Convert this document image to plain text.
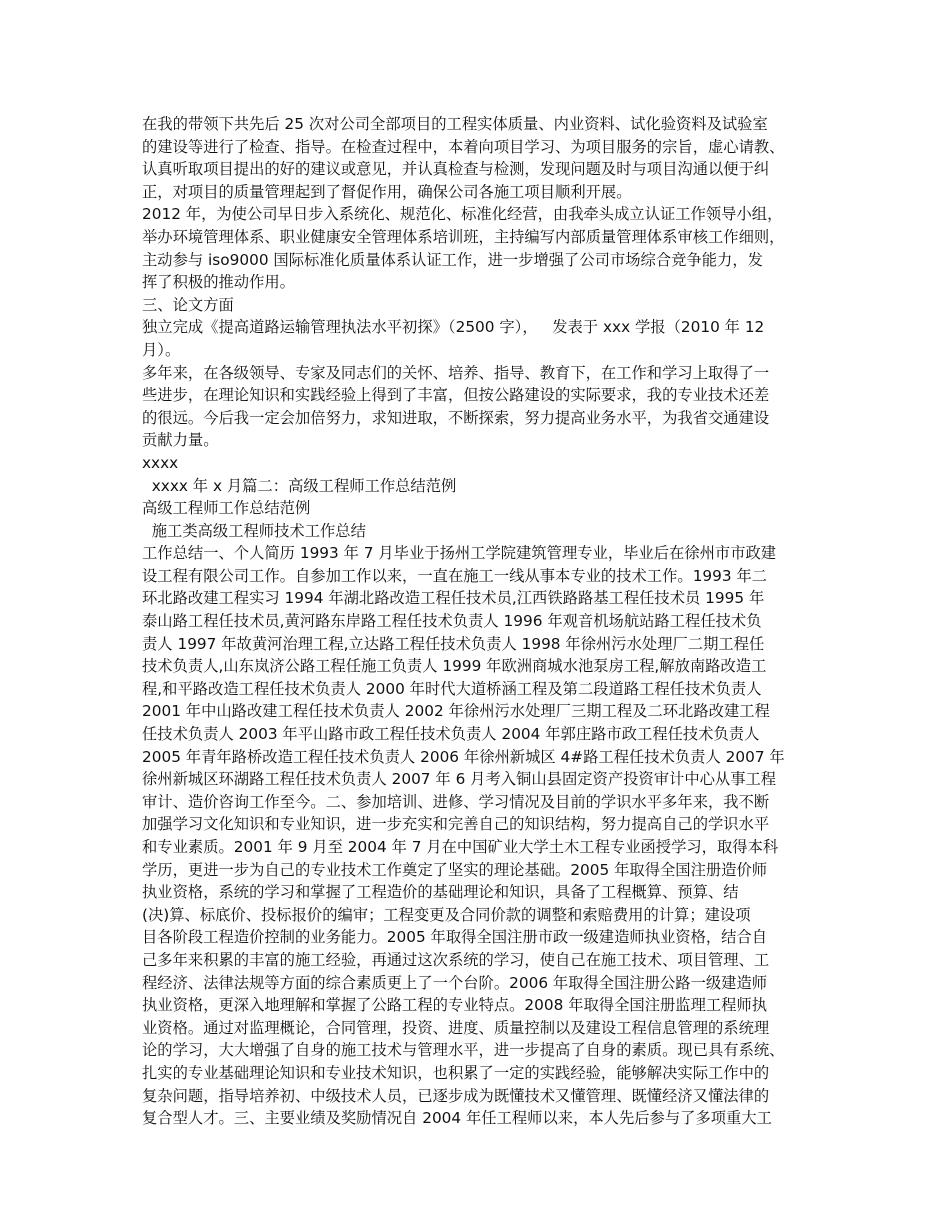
在我的带领下共先后 25 次对公司全部项目的工程实体质量、内业资料、试化验资料及试验室
的建设等进行了检查、指导。在检查过程中，本着向项目学习、为项目服务的宗旨，虚心请教、
认真听取项目提出的好的建议或意见，并认真检查与检测，发现问题及时与项目沟通以便于纠
正，对项目的质量管理起到了督促作用，确保公司各施工项目顺利开展。
2012 年，为使公司早日步入系统化、规范化、标准化经营，由我牵头成立认证工作领导小组，
举办环境管理体系、职业健康安全管理体系培训班，主持编写内部质量管理体系审核工作细则，
主动参与 iso9000 国际标准化质量体系认证工作，进一步增强了公司市场综合竞争能力，发
挥了积极的推动作用。
三、论文方面
独立完成《提高道路运输管理执法水平初探》（2500 字），   发表于 xxx 学报（2010 年 12
月）。
多年来，在各级领导、专家及同志们的关怀、培养、指导、教育下，在工作和学习上取得了一
些进步，在理论知识和实践经验上得到了丰富，但按公路建设的实际要求，我的专业技术还差
的很远。今后我一定会加倍努力，求知进取，不断探索，努力提高业务水平，为我省交通建设
贡献力量。
xxxx
xxxx 年 x 月篇二：高级工程师工作总结范例
高级工程师工作总结范例
施工类高级工程师技术工作总结
工作总结一、个人简历 1993 年 7 月毕业于扬州工学院建筑管理专业，毕业后在徐州市市政建
设工程有限公司工作。自参加工作以来，一直在施工一线从事本专业的技术工作。1993 年二
环北路改建工程实习 1994 年湖北路改造工程任技术员,江西铁路路基工程任技术员 1995 年
泰山路工程任技术员,黄河路东岸路工程任技术负责人 1996 年观音机场航站路工程任技术负
责人 1997 年故黄河治理工程,立达路工程任技术负责人 1998 年徐州污水处理厂二期工程任
技术负责人,山东岚济公路工程任施工负责人 1999 年欧洲商城水池泵房工程,解放南路改造工
程,和平路改造工程任技术负责人 2000 年时代大道桥涵工程及第二段道路工程任技术负责人
2001 年中山路改建工程任技术负责人 2002 年徐州污水处理厂三期工程及二环北路改建工程
任技术负责人 2003 年平山路市政工程任技术负责人 2004 年郭庄路市政工程任技术负责人
2005 年青年路桥改造工程任技术负责人 2006 年徐州新城区 4#路工程任技术负责人 2007 年
徐州新城区环湖路工程任技术负责人 2007 年 6 月考入铜山县固定资产投资审计中心从事工程
审计、造价咨询工作至今。二、参加培训、进修、学习情况及目前的学识水平多年来，我不断
加强学习文化知识和专业知识，进一步充实和完善自己的知识结构，努力提高自己的学识水平
和专业素质。2001 年 9 月至 2004 年 7 月在中国矿业大学土木工程专业函授学习，取得本科
学历，更进一步为自己的专业技术工作奠定了坚实的理论基础。2005 年取得全国注册造价师
执业资格，系统的学习和掌握了工程造价的基础理论和知识，具备了工程概算、预算、结
(决)算、标底价、投标报价的编审；工程变更及合同价款的调整和索赔费用的计算；建设项
目各阶段工程造价控制的业务能力。2005 年取得全国注册市政一级建造师执业资格，结合自
己多年来积累的丰富的施工经验，再通过这次系统的学习，使自己在施工技术、项目管理、工
程经济、法律法规等方面的综合素质更上了一个台阶。2006 年取得全国注册公路一级建造师
执业资格，更深入地理解和掌握了公路工程的专业特点。2008 年取得全国注册监理工程师执
业资格。通过对监理概论，合同管理，投资、进度、质量控制以及建设工程信息管理的系统理
论的学习，大大增强了自身的施工技术与管理水平，进一步提高了自身的素质。现已具有系统、
扎实的专业基础理论知识和专业技术知识，也积累了一定的实践经验，能够解决实际工作中的
复杂问题，指导培养初、中级技术人员，已逐步成为既懂技术又懂管理、既懂经济又懂法律的
复合型人才。三、主要业绩及奖励情况自 2004 年任工程师以来，本人先后参与了多项重大工
